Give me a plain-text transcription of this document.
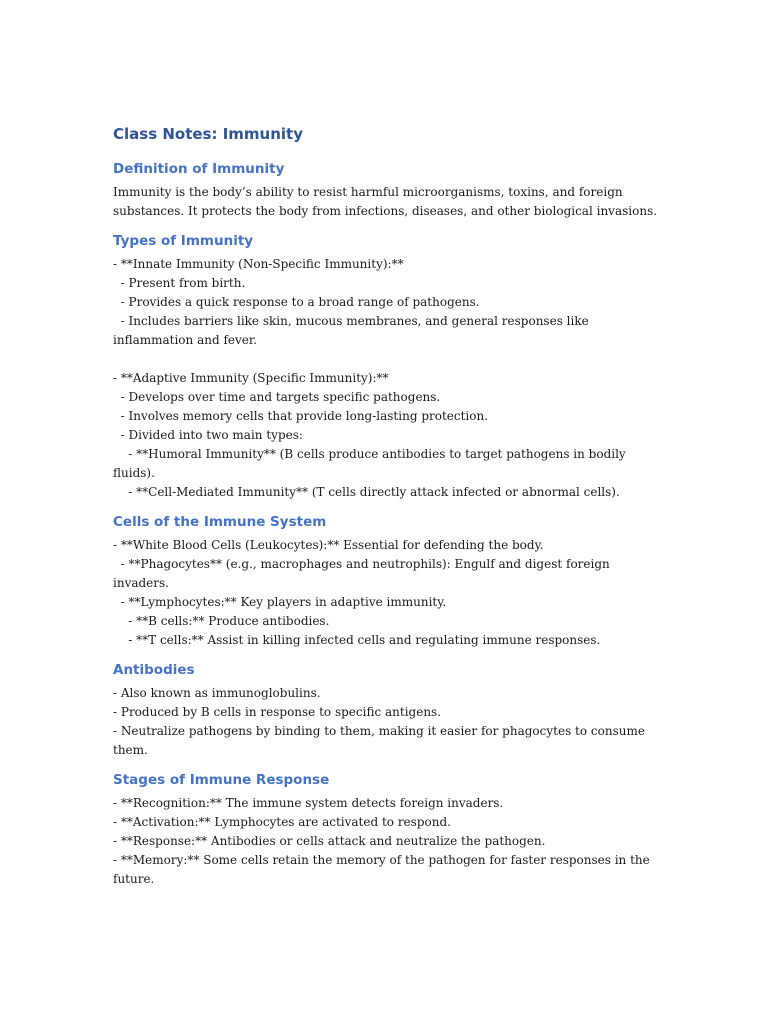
Class Notes: Immunity
Definition of Immunity

Immunity is the body’s ability to resist harmful microorganisms, toxins, and foreign substances. It protects the body from infections, diseases, and other biological invasions.

Types of Immunity
- **Innate Immunity (Non-Specific Immunity):**
- Present from birth.
- Provides a quick response to a broad range of pathogens.
- Includes barriers like skin, mucous membranes, and general responses like inflammation and fever.
- **Adaptive Immunity (Specific Immunity):**
- Develops over time and targets specific pathogens.
- Involves memory cells that provide long-lasting protection.
- Divided into two main types:
- **Humoral Immunity** (B cells produce antibodies to target pathogens in bodily fluids).
- **Cell-Mediated Immunity** (T cells directly attack infected or abnormal cells).
Cells of the Immune System
- **White Blood Cells (Leukocytes):** Essential for defending the body.
- **Phagocytes** (e.g., macrophages and neutrophils): Engulf and digest foreign invaders.
- **Lymphocytes:** Key players in adaptive immunity.
- **B cells:** Produce antibodies.
- **T cells:** Assist in killing infected cells and regulating immune responses.
Antibodies
- Also known as immunoglobulins.
- Produced by B cells in response to specific antigens.
- Neutralize pathogens by binding to them, making it easier for phagocytes to consume them.
Stages of Immune Response
- **Recognition:** The immune system detects foreign invaders.
- **Activation:** Lymphocytes are activated to respond.
- **Response:** Antibodies or cells attack and neutralize the pathogen.
- **Memory:** Some cells retain the memory of the pathogen for faster responses in the future.
